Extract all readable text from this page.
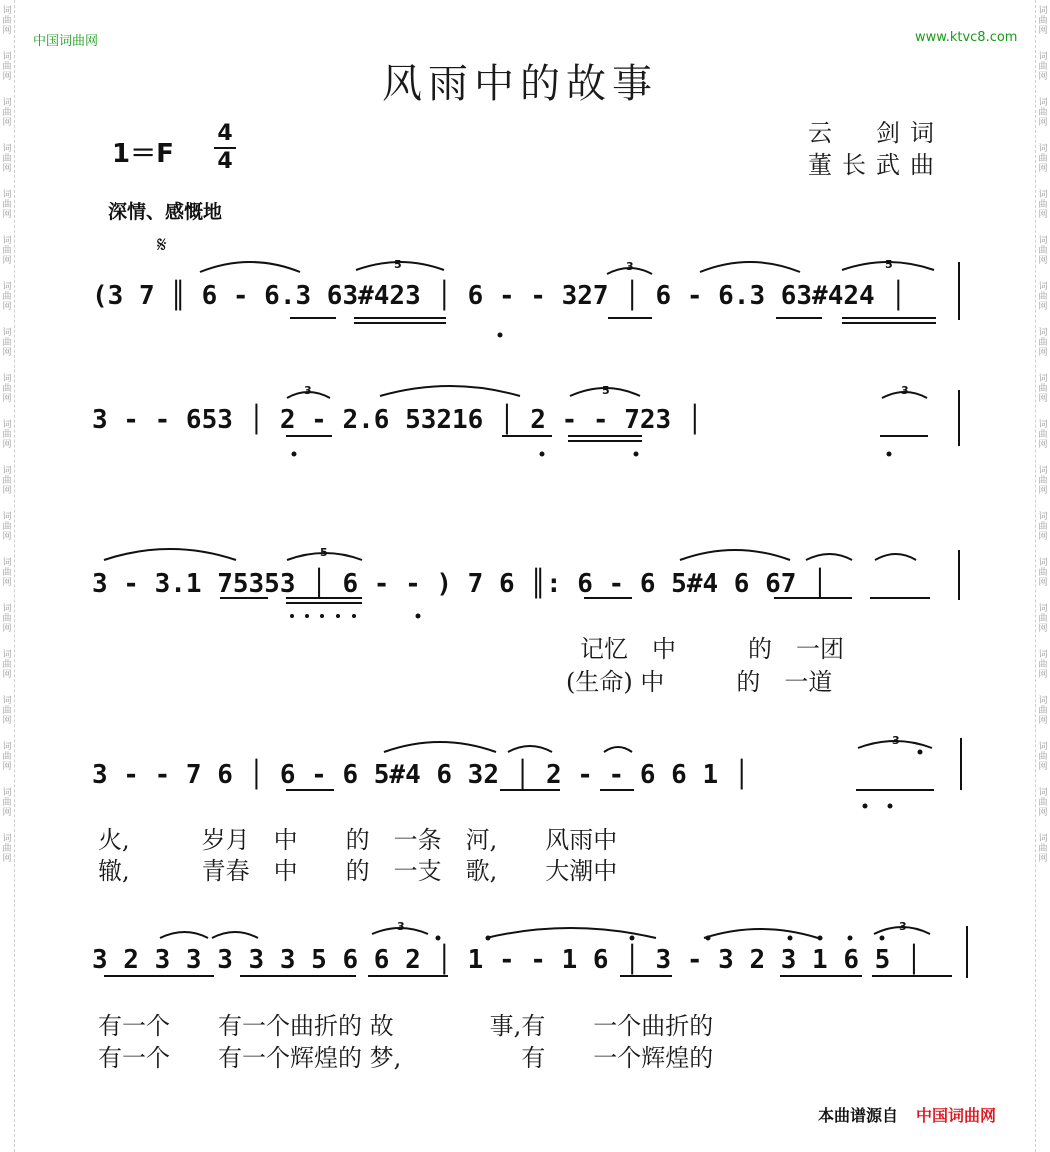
词
曲
网
词
曲
网
词
曲
网
词
曲
网
词
曲
网
词
曲
网
词
曲
网
词
曲
网
词
曲
网
词
曲
网
词
曲
网
词
曲
网
词
曲
网
词
曲
网
词
曲
网
词
曲
网
词
曲
网
词
曲
网
词
曲
网
词
曲
网
词
曲
网
词
曲
网
词
曲
网
词
曲
网
词
曲
网
词
曲
网
词
曲
网
词
曲
网
词
曲
网
词
曲
网
词
曲
网
词
曲
网
词
曲
网
词
曲
网
词
曲
网
词
曲
网
词
曲
网
词
曲
网
中国词曲网	www.ktvc8.com
风雨中的故事
云　剑词
董长武曲
1＝F
4
4
深情、感慨地
𝄋
(3 7 ║ 6 - 6.3 63#423 │ 6 - - 327 │ 6 - 6.3 63#424 │
3 - - 653 │ 2 - 2.6 53216 │ 2 - - 723 │
3 - 3.1 75353 │ 6 - - ) 7 6 ║: 6 - 6 5#4 6 67 │
3 - - 7 6 │ 6 - 6 5#4 6 32 │ 2 - - 6 6 1 │
3 2 3 3 3 3 3 5 6 6 2 │ 1 - - 1 6 │ 3 - 3 2 3 1 6 5 │
记忆　中　　　的　一团
(生命) 中　　　的　一道
火,　　　岁月　中　　的　一条　河,　　风雨中
辙,　　　青春　中　　的　一支　歌,　　大潮中
有一个　　有一个曲折的 故　　　　事,有　　一个曲折的
有一个　　有一个辉煌的 梦,　　　　　有　　一个辉煌的
5	3	5
3	5	3
5
3
3	3
本曲谱源自 中国词曲网
